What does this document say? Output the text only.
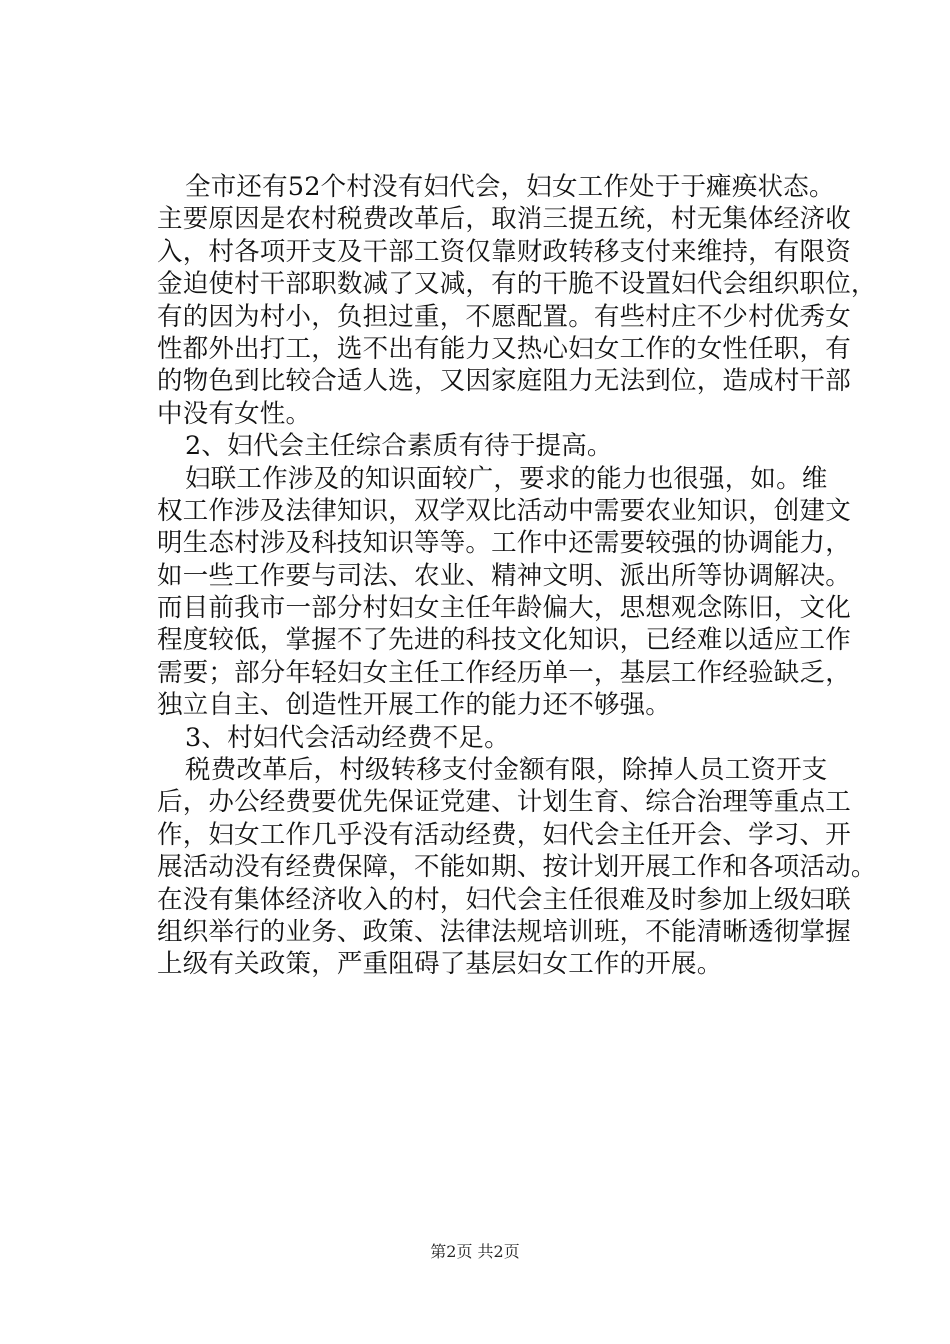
全市还有52个村没有妇代会，妇女工作处于于瘫痪状态。
主要原因是农村税费改革后，取消三提五统，村无集体经济收
入，村各项开支及干部工资仅靠财政转移支付来维持，有限资
金迫使村干部职数减了又减，有的干脆不设置妇代会组织职位，
有的因为村小，负担过重，不愿配置。有些村庄不少村优秀女
性都外出打工，选不出有能力又热心妇女工作的女性任职，有
的物色到比较合适人选，又因家庭阻力无法到位，造成村干部
中没有女性。
2、妇代会主任综合素质有待于提高。
妇联工作涉及的知识面较广，要求的能力也很强，如。维
权工作涉及法律知识，双学双比活动中需要农业知识，创建文
明生态村涉及科技知识等等。工作中还需要较强的协调能力，
如一些工作要与司法、农业、精神文明、派出所等协调解决。
而目前我市一部分村妇女主任年龄偏大，思想观念陈旧，文化
程度较低，掌握不了先进的科技文化知识，已经难以适应工作
需要；部分年轻妇女主任工作经历单一，基层工作经验缺乏，
独立自主、创造性开展工作的能力还不够强。
3、村妇代会活动经费不足。
税费改革后，村级转移支付金额有限，除掉人员工资开支
后，办公经费要优先保证党建、计划生育、综合治理等重点工
作，妇女工作几乎没有活动经费，妇代会主任开会、学习、开
展活动没有经费保障，不能如期、按计划开展工作和各项活动。
在没有集体经济收入的村，妇代会主任很难及时参加上级妇联
组织举行的业务、政策、法律法规培训班，不能清晰透彻掌握
上级有关政策，严重阻碍了基层妇女工作的开展。
第2页 共2页
